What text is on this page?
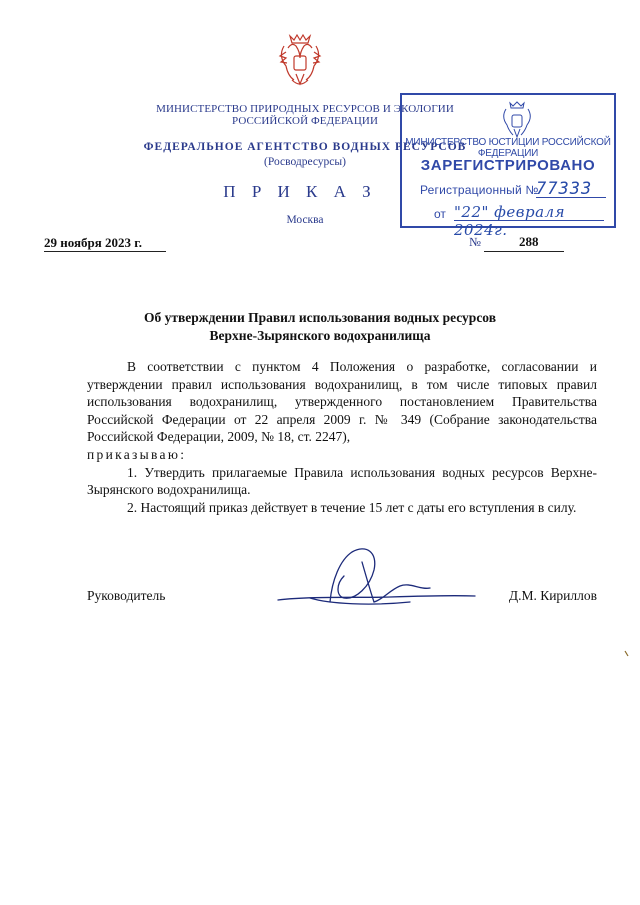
МИНИСТЕРСТВО ПРИРОДНЫХ РЕСУРСОВ И ЭКОЛОГИИ
РОССИЙСКОЙ ФЕДЕРАЦИИ
ФЕДЕРАЛЬНОЕ АГЕНТСТВО ВОДНЫХ РЕСУРСОВ
(Росводресурсы)
П Р И К А З
Москва
29 ноября 2023 г.	№	288
МИНИСТЕРСТВО ЮСТИЦИИ РОССИЙСКОЙ ФЕДЕРАЦИИ
ЗАРЕГИСТРИРОВАНО
Регистрационный №
77333
от "22" февраля 2024г.
Об утверждении Правил использования водных ресурсов
Верхне-Зырянского водохранилища

В соответствии с пунктом 4 Положения о разработке, согласовании и утверждении правил использования водохранилищ, в том числе типовых правил использования водохранилищ, утвержденного постановлением Правительства Российской Федерации от 22 апреля 2009 г. № 349 (Собрание законодательства Российской Федерации, 2009, № 18, ст. 2247),

приказываю:

1. Утвердить прилагаемые Правила использования водных ресурсов Верхне-Зырянского водохранилища.

2. Настоящий приказ действует в течение 15 лет с даты его вступления в силу.

Руководитель	Д.М. Кириллов
